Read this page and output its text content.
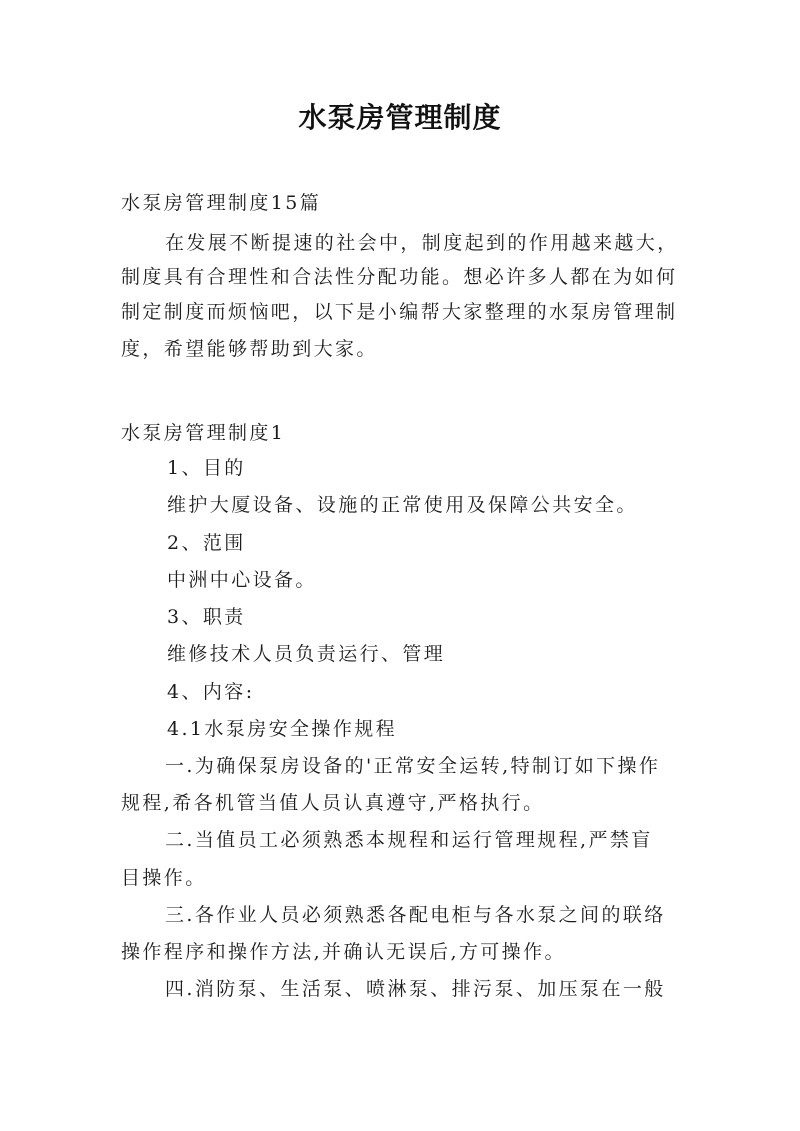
水泵房管理制度
水泵房管理制度15篇
在发展不断提速的社会中，制度起到的作用越来越大，
制度具有合理性和合法性分配功能。想必许多人都在为如何
制定制度而烦恼吧，以下是小编帮大家整理的水泵房管理制
度，希望能够帮助到大家。
水泵房管理制度1
1、目的
维护大厦设备、设施的正常使用及保障公共安全。
2、范围
中洲中心设备。
3、职责
维修技术人员负责运行、管理
4、内容:
4.1水泵房安全操作规程
一.为确保泵房设备的'正常安全运转,特制订如下操作
规程,希各机管当值人员认真遵守,严格执行。
二.当值员工必须熟悉本规程和运行管理规程,严禁盲
目操作。
三.各作业人员必须熟悉各配电柜与各水泵之间的联络
操作程序和操作方法,并确认无误后,方可操作。
四.消防泵、生活泵、喷淋泵、排污泵、加压泵在一般
